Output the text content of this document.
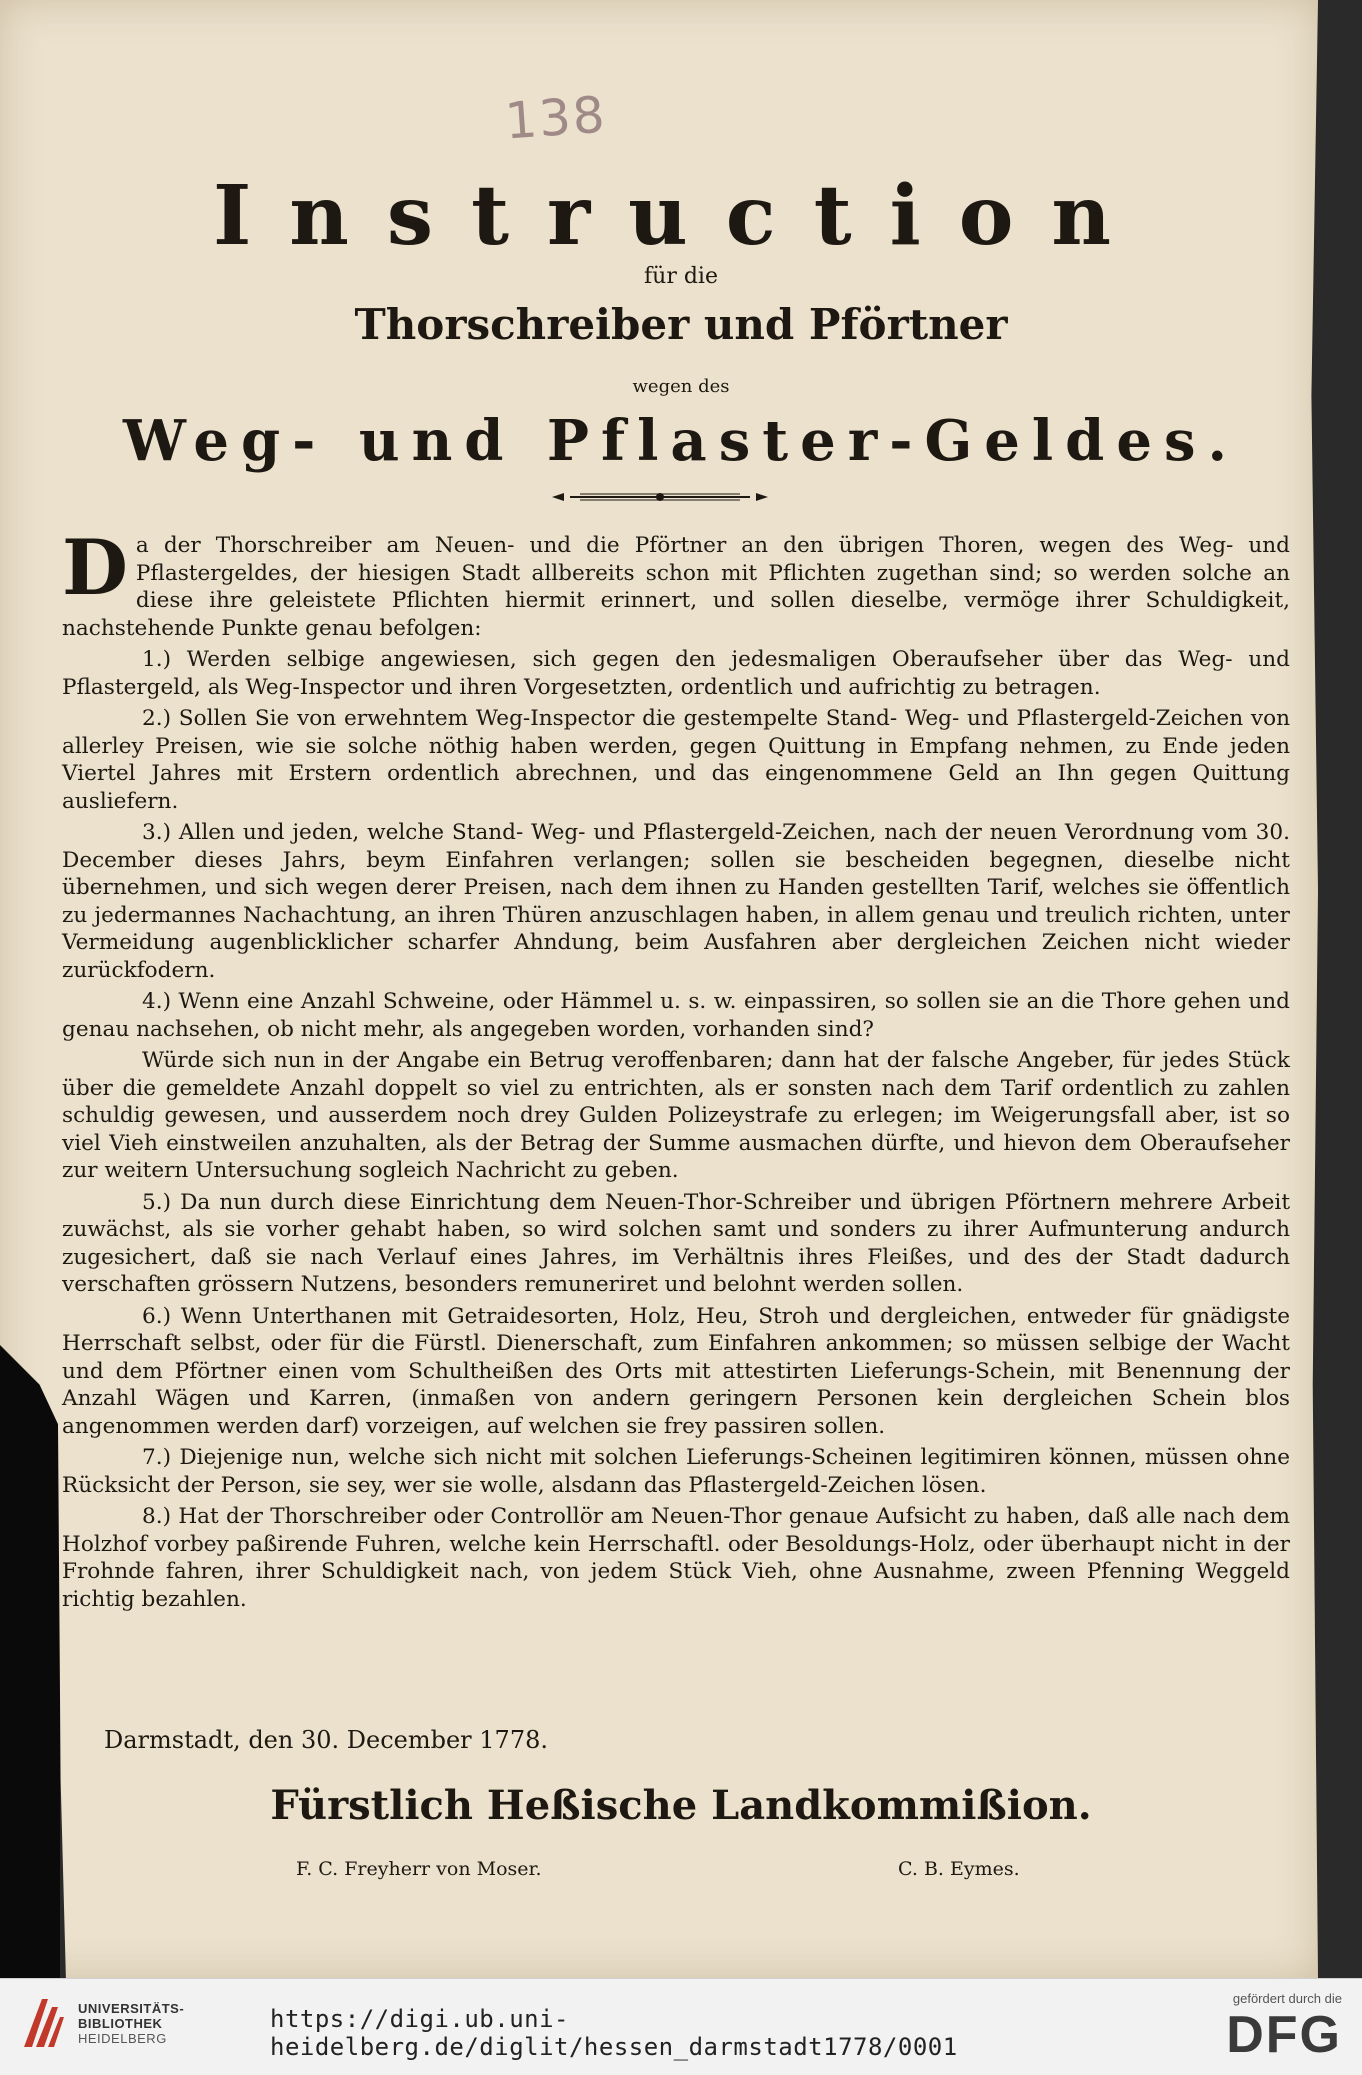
138
Instruction
für die
Thorschreiber und Pförtner
wegen des
Weg- und Pflaster-Geldes.

Da der Thorschreiber am Neuen- und die Pförtner an den übrigen Thoren, wegen des Weg- und Pflastergeldes, der hiesigen Stadt allbereits schon mit Pflichten zugethan sind; so werden solche an diese ihre geleistete Pflichten hiermit erinnert, und sollen dieselbe, vermöge ihrer Schuldigkeit, nachstehende Punkte genau befolgen:

1.) Werden selbige angewiesen, sich gegen den jedesmaligen Oberaufseher über das Weg- und Pflastergeld, als Weg-Inspector und ihren Vorgesetzten, ordentlich und aufrichtig zu betragen.

2.) Sollen Sie von erwehntem Weg-Inspector die gestempelte Stand- Weg- und Pflastergeld-Zeichen von allerley Preisen, wie sie solche nöthig haben werden, gegen Quittung in Empfang nehmen, zu Ende jeden Viertel Jahres mit Erstern ordentlich abrechnen, und das eingenommene Geld an Ihn gegen Quittung ausliefern.

3.) Allen und jeden, welche Stand- Weg- und Pflastergeld-Zeichen, nach der neuen Verordnung vom 30. December dieses Jahrs, beym Einfahren verlangen; sollen sie bescheiden begegnen, dieselbe nicht übernehmen, und sich wegen derer Preisen, nach dem ihnen zu Handen gestellten Tarif, welches sie öffentlich zu jedermannes Nachachtung, an ihren Thüren anzuschlagen haben, in allem genau und treulich richten, unter Vermeidung augenblicklicher scharfer Ahndung, beim Ausfahren aber dergleichen Zeichen nicht wieder zurückfodern.

4.) Wenn eine Anzahl Schweine, oder Hämmel u. s. w. einpassiren, so sollen sie an die Thore gehen und genau nachsehen, ob nicht mehr, als angegeben worden, vorhanden sind?

Würde sich nun in der Angabe ein Betrug veroffenbaren; dann hat der falsche Angeber, für jedes Stück über die gemeldete Anzahl doppelt so viel zu entrichten, als er sonsten nach dem Tarif ordentlich zu zahlen schuldig gewesen, und ausserdem noch drey Gulden Polizeystrafe zu erlegen; im Weigerungsfall aber, ist so viel Vieh einstweilen anzuhalten, als der Betrag der Summe ausmachen dürfte, und hievon dem Oberaufseher zur weitern Untersuchung sogleich Nachricht zu geben.

5.) Da nun durch diese Einrichtung dem Neuen-Thor-Schreiber und übrigen Pförtnern mehrere Arbeit zuwächst, als sie vorher gehabt haben, so wird solchen samt und sonders zu ihrer Aufmunterung andurch zugesichert, daß sie nach Verlauf eines Jahres, im Verhältnis ihres Fleißes, und des der Stadt dadurch verschaften grössern Nutzens, besonders remuneriret und belohnt werden sollen.

6.) Wenn Unterthanen mit Getraidesorten, Holz, Heu, Stroh und dergleichen, entweder für gnädigste Herrschaft selbst, oder für die Fürstl. Dienerschaft, zum Einfahren ankommen; so müssen selbige der Wacht und dem Pförtner einen vom Schultheißen des Orts mit attestirten Lieferungs-Schein, mit Benennung der Anzahl Wägen und Karren, (inmaßen von andern geringern Personen kein dergleichen Schein blos angenommen werden darf) vorzeigen, auf welchen sie frey passiren sollen.

7.) Diejenige nun, welche sich nicht mit solchen Lieferungs-Scheinen legitimiren können, müssen ohne Rücksicht der Person, sie sey, wer sie wolle, alsdann das Pflastergeld-Zeichen lösen.

8.) Hat der Thorschreiber oder Controllör am Neuen-Thor genaue Aufsicht zu haben, daß alle nach dem Holzhof vorbey paßirende Fuhren, welche kein Herrschaftl. oder Besoldungs-Holz, oder überhaupt nicht in der Frohnde fahren, ihrer Schuldigkeit nach, von jedem Stück Vieh, ohne Ausnahme, zween Pfenning Weggeld richtig bezahlen.

Darmstadt, den 30. December 1778.
Fürstlich Heßische Landkommißion.
F. C. Freyherr von Moser.	C. B. Eymes.
UNIVERSITÄTS-
BIBLIOTHEK
HEIDELBERG
https://digi.ub.uni-heidelberg.de/diglit/hessen_darmstadt1778/0001
gefördert durch die
DFG
